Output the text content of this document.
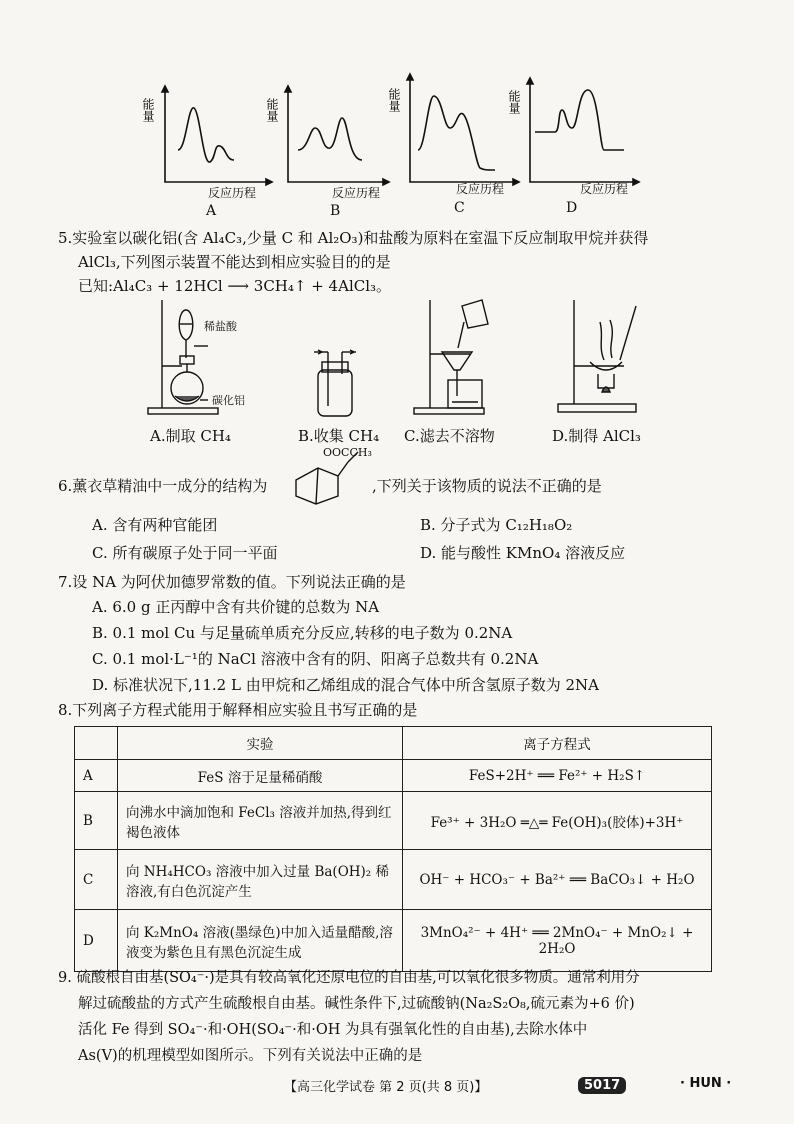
能量	能量	能量	能量
反应历程	反应历程	反应历程	反应历程
A	B	C	D
5.实验室以碳化铝(含 Al₄C₃,少量 C 和 Al₂O₃)和盐酸为原料在室温下反应制取甲烷并获得
AlCl₃,下列图示装置不能达到相应实验目的的是
已知:Al₄C₃ + 12HCl ⟶ 3CH₄↑ + 4AlCl₃。
稀盐酸
碳化铝
A.制取 CH₄	B.收集 CH₄ C.滤去不溶物	D.制得 AlCl₃
6.薰衣草精油中一成分的结构为
OOCCH₃
,下列关于该物质的说法不正确的是
A. 含有两种官能团	B. 分子式为 C₁₂H₁₈O₂
C. 所有碳原子处于同一平面	D. 能与酸性 KMnO₄ 溶液反应
7.设 NA 为阿伏加德罗常数的值。下列说法正确的是
A. 6.0 g 正丙醇中含有共价键的总数为 NA
B. 0.1 mol Cu 与足量硫单质充分反应,转移的电子数为 0.2NA
C. 0.1 mol·L⁻¹的 NaCl 溶液中含有的阴、阳离子总数共有 0.2NA
D. 标准状况下,11.2 L 由甲烷和乙烯组成的混合气体中所含氢原子数为 2NA
8.下列离子方程式能用于解释相应实验且书写正确的是
	实验	离子方程式
A	FeS 溶于足量稀硝酸	FeS+2H⁺ ══ Fe²⁺ + H₂S↑
B	向沸水中滴加饱和 FeCl₃ 溶液并加热,得到红褐色液体	Fe³⁺ + 3H₂O ═△═ Fe(OH)₃(胶体)+3H⁺
C	向 NH₄HCO₃ 溶液中加入过量 Ba(OH)₂ 稀溶液,有白色沉淀产生	OH⁻ + HCO₃⁻ + Ba²⁺ ══ BaCO₃↓ + H₂O
D	向 K₂MnO₄ 溶液(墨绿色)中加入适量醋酸,溶液变为紫色且有黑色沉淀生成	3MnO₄²⁻ + 4H⁺ ══ 2MnO₄⁻ + MnO₂↓ + 2H₂O
9. 硫酸根自由基(SO₄⁻·)是具有较高氧化还原电位的自由基,可以氧化很多物质。通常利用分
解过硫酸盐的方式产生硫酸根自由基。碱性条件下,过硫酸钠(Na₂S₂O₈,硫元素为+6 价)
活化 Fe 得到 SO₄⁻·和·OH(SO₄⁻·和·OH 为具有强氧化性的自由基),去除水体中
As(Ⅴ)的机理模型如图所示。下列有关说法中正确的是
【高三化学试卷 第 2 页(共 8 页)】	5017	· HUN ·
